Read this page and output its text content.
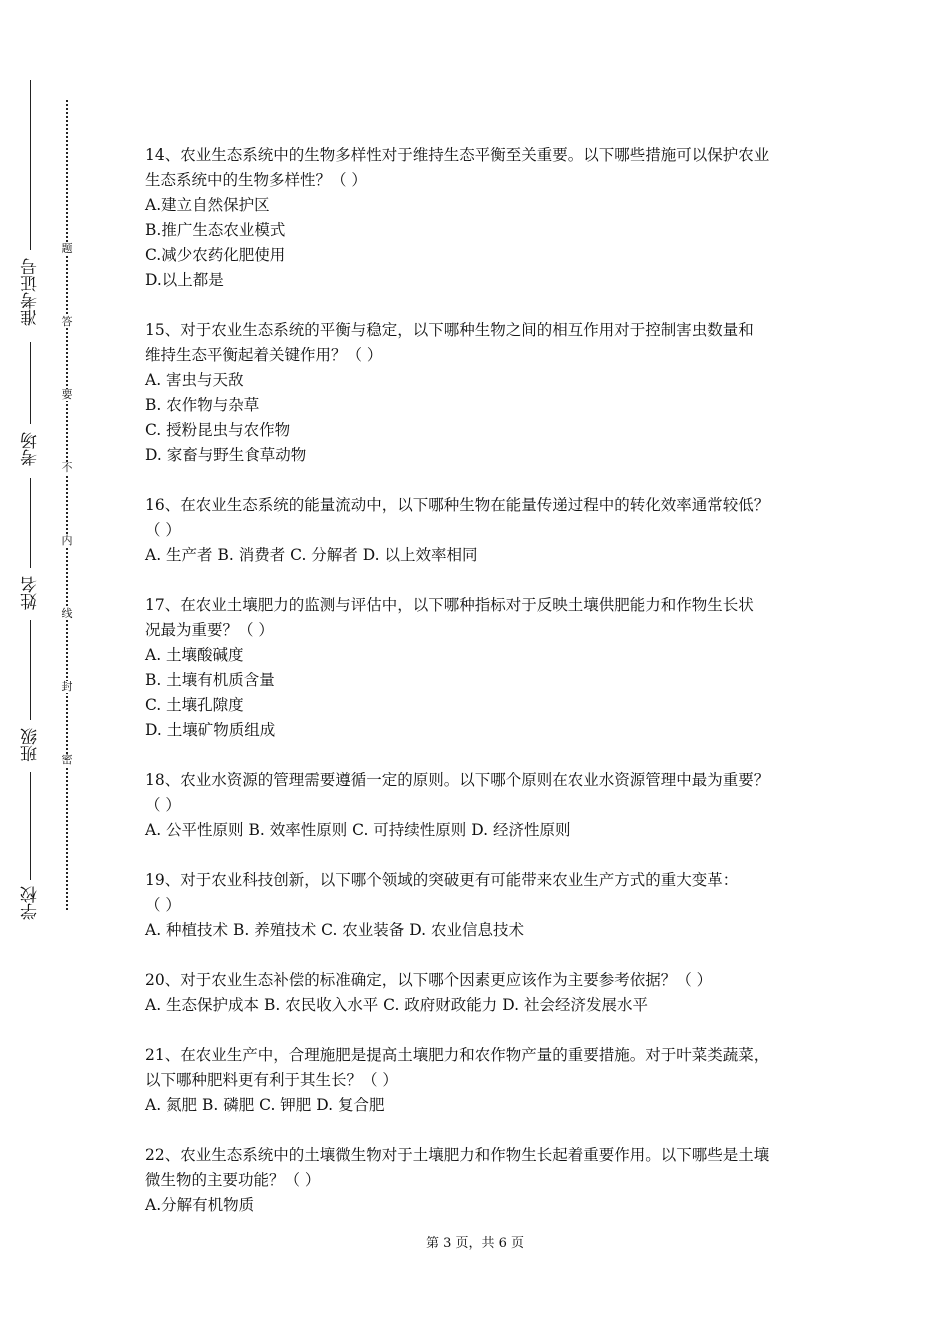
准考证号
考场
姓名
班级
学校
题
答
要
不
内
线
封
密

14、农业生态系统中的生物多样性对于维持生态平衡至关重要。以下哪些措施可以保护农业

生态系统中的生物多样性？（ ）

A.建立自然保护区

B.推广生态农业模式

C.减少农药化肥使用

D.以上都是

15、对于农业生态系统的平衡与稳定，以下哪种生物之间的相互作用对于控制害虫数量和

维持生态平衡起着关键作用？（ ）

A. 害虫与天敌

B. 农作物与杂草

C. 授粉昆虫与农作物

D. 家畜与野生食草动物

16、在农业生态系统的能量流动中，以下哪种生物在能量传递过程中的转化效率通常较低？

（ ）

A. 生产者 B. 消费者 C. 分解者 D. 以上效率相同

17、在农业土壤肥力的监测与评估中，以下哪种指标对于反映土壤供肥能力和作物生长状

况最为重要？（ ）

A. 土壤酸碱度

B. 土壤有机质含量

C. 土壤孔隙度

D. 土壤矿物质组成

18、农业水资源的管理需要遵循一定的原则。以下哪个原则在农业水资源管理中最为重要？

（ ）

A. 公平性原则 B. 效率性原则 C. 可持续性原则 D. 经济性原则

19、对于农业科技创新，以下哪个领域的突破更有可能带来农业生产方式的重大变革：

（ ）

A. 种植技术 B. 养殖技术 C. 农业装备 D. 农业信息技术

20、对于农业生态补偿的标准确定，以下哪个因素更应该作为主要参考依据？（ ）

A. 生态保护成本 B. 农民收入水平 C. 政府财政能力 D. 社会经济发展水平

21、在农业生产中，合理施肥是提高土壤肥力和农作物产量的重要措施。对于叶菜类蔬菜，

以下哪种肥料更有利于其生长？（ ）

A. 氮肥 B. 磷肥 C. 钾肥 D. 复合肥

22、农业生态系统中的土壤微生物对于土壤肥力和作物生长起着重要作用。以下哪些是土壤

微生物的主要功能？（ ）

A.分解有机物质

第 3 页，共 6 页
